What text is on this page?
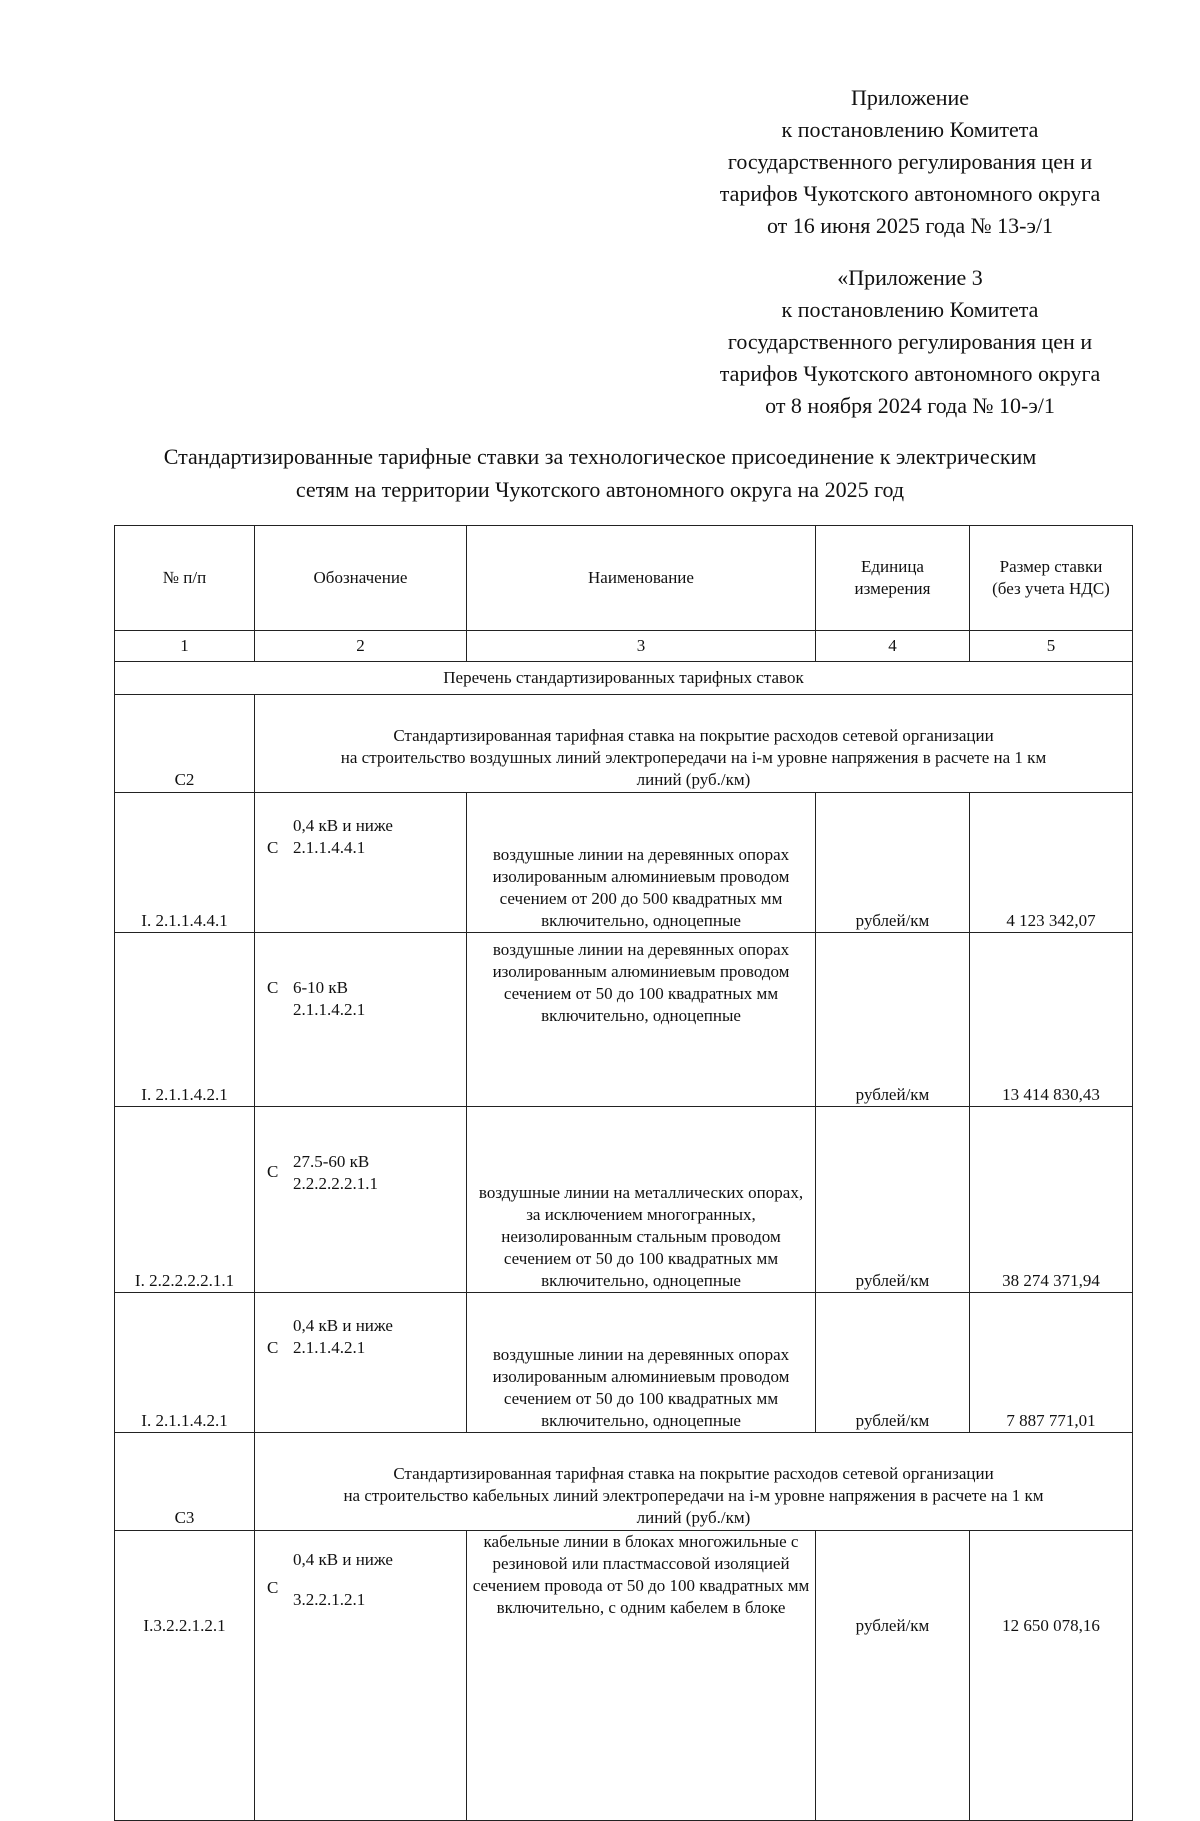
Приложение
к постановлению Комитета
государственного регулирования цен и
тарифов Чукотского автономного округа
от 16 июня 2025 года № 13-э/1
«Приложение 3
к постановлению Комитета
государственного регулирования цен и
тарифов Чукотского автономного округа
от 8 ноября 2024 года № 10-э/1
Стандартизированные тарифные ставки за технологическое присоединение к электрическим
сетям на территории Чукотского автономного округа на 2025 год
№ п/п	Обозначение	Наименование	Единица измерения	Размер ставки (без учета НДС)
1	2	3	4	5
Перечень стандартизированных тарифных ставок				
С2	Стандартизированная тарифная ставка на покрытие расходов сетевой организации
на строительство воздушных линий электропередачи на i-м уровне напряжения в расчете на 1 км
линий (руб./км)			

I. 2.1.1.4.4.1	С
0,4 кВ и ниже
2.1.1.4.4.1	воздушные линии на деревянных опорах изолированным алюминиевым проводом сечением от 200 до 500 квадратных мм включительно, одноцепные	рублей/км	4 123 342,07
I. 2.1.1.4.2.1	С 6-10 кВ
2.1.1.4.2.1	воздушные линии на деревянных опорах изолированным алюминиевым проводом сечением от 50 до 100 квадратных мм включительно, одноцепные	рублей/км	13 414 830,43
I. 2.2.2.2.2.1.1	С
27.5-60 кВ
2.2.2.2.2.1.1	воздушные линии на металлических опорах, за исключением многогранных, неизолированным стальным проводом сечением от 50 до 100 квадратных мм включительно, одноцепные	рублей/км	38 274 371,94
I. 2.1.1.4.2.1	С
0,4 кВ и ниже
2.1.1.4.2.1	воздушные линии на деревянных опорах изолированным алюминиевым проводом сечением от 50 до 100 квадратных мм включительно, одноцепные	рублей/км	7 887 771,01
С3	Стандартизированная тарифная ставка на покрытие расходов сетевой организации
на строительство кабельных линий электропередачи на i-м уровне напряжения в расчете на 1 км
линий (руб./км)			

I.3.2.2.1.2.1	С
0,4 кВ и ниже
3.2.2.1.2.1	кабельные линии в блоках многожильные с резиновой или пластмассовой изоляцией сечением провода от 50 до 100 квадратных мм включительно, с одним кабелем в блоке	рублей/км	12 650 078,16
